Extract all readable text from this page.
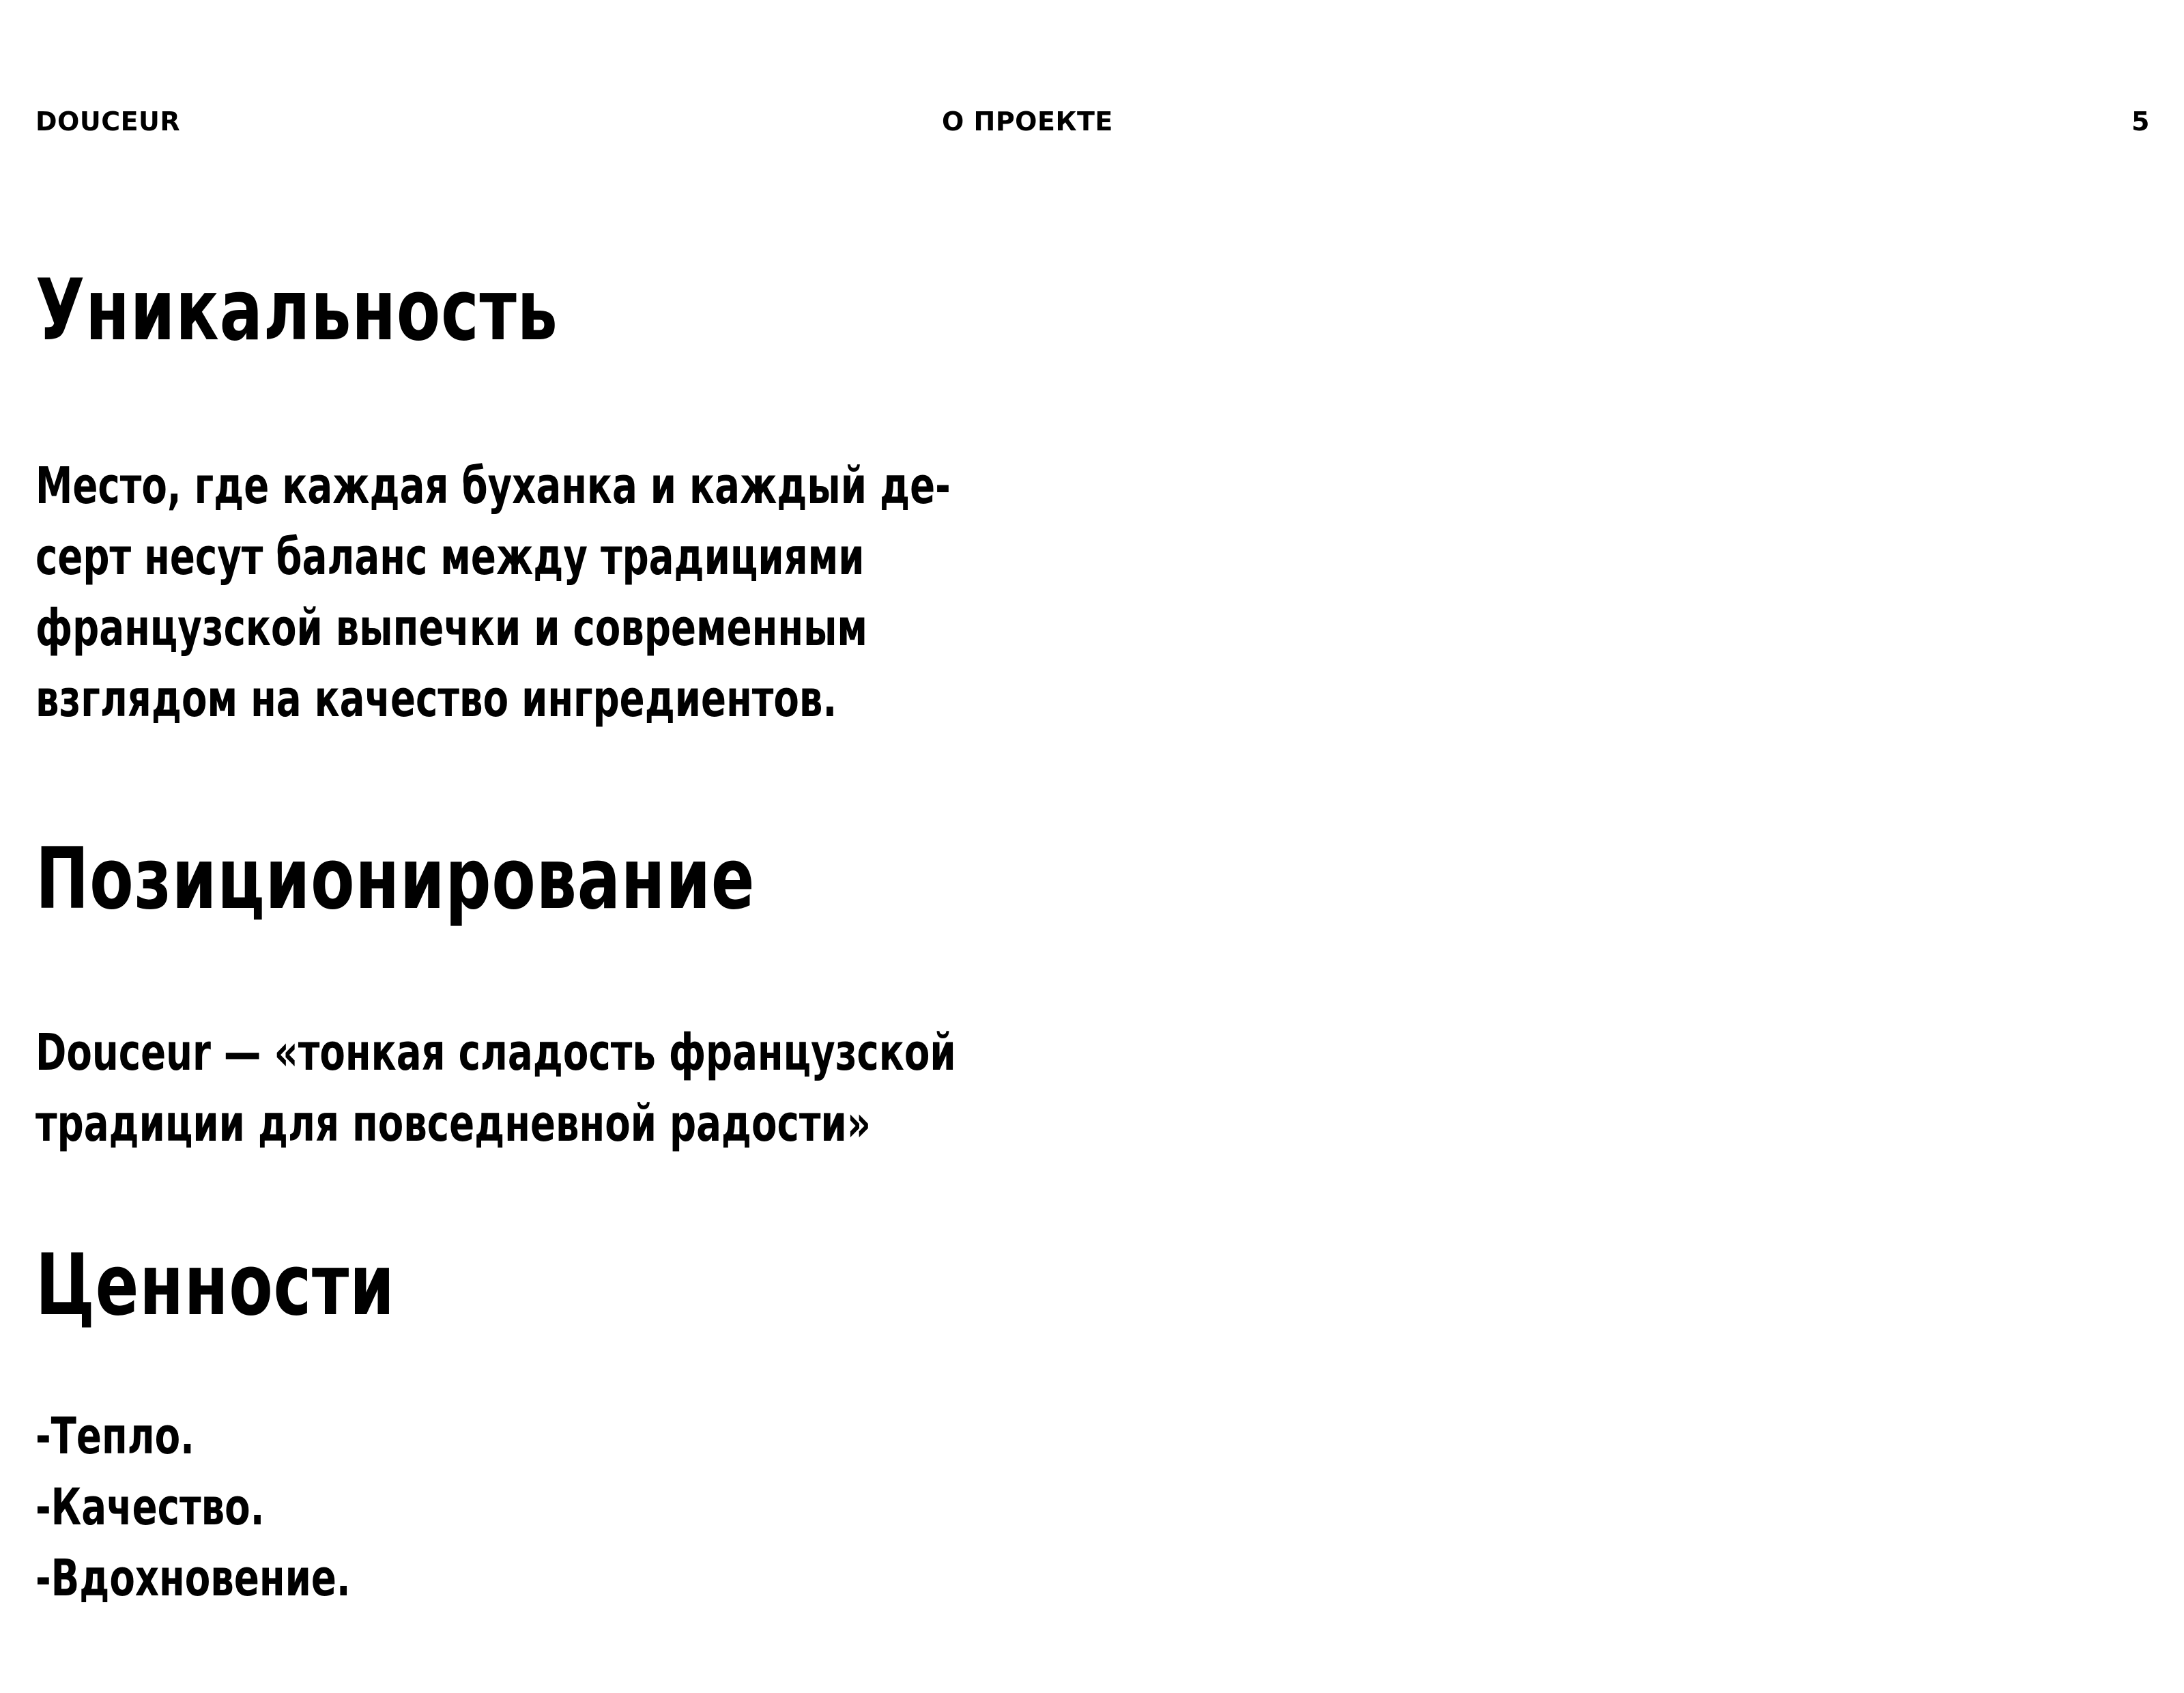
DOUCEUR	О ПРОЕКТЕ	5
Уникальность

Место, где каждая буханка и каждый де-
серт несут баланс между традициями
французской выпечки и современным
взглядом на качество ингредиентов.

Позиционирование

Douceur — «тонкая сладость французской
традиции для повседневной радости»

Ценности
-Тепло.
-Качество.
-Вдохновение.
